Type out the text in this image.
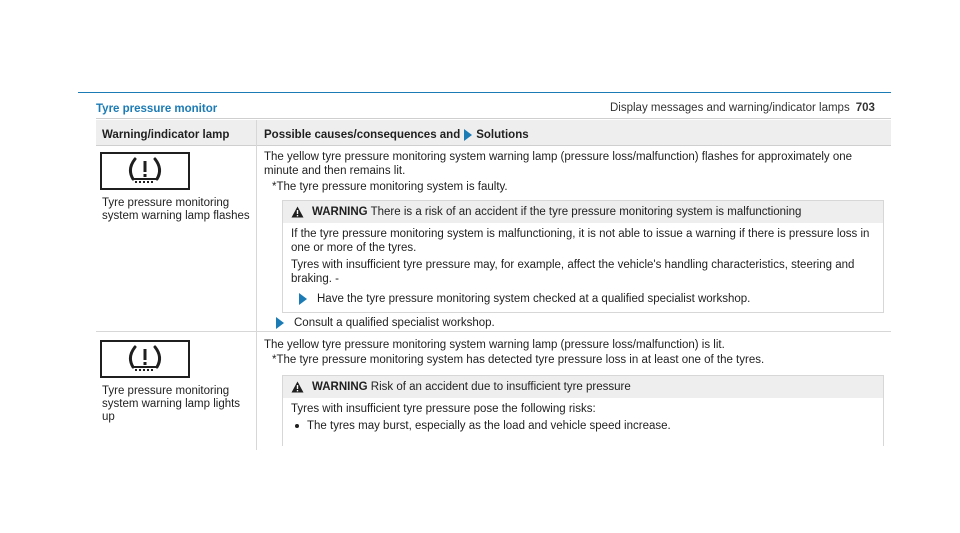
Display messages and warning/indicator lamps 703
Tyre pressure monitor
Warning/indicator lamp	Possible causes/consequences and Solutions
Tyre pressure monitoring system warning lamp flashes
The yellow tyre pressure monitoring system warning lamp (pressure loss/malfunction) flashes for approximately one minute and then remains lit.
*The tyre pressure monitoring system is faulty.
WARNING There is a risk of an accident if the tyre pressure monitoring system is malfunctioning

If the tyre pressure monitoring system is malfunctioning, it is not able to issue a warning if there is pressure loss in one or more of the tyres.

Tyres with insufficient tyre pressure may, for example, affect the vehicle's handling characteristics, steering and braking. -

Have the tyre pressure monitoring system checked at a qualified specialist workshop.
Consult a qualified specialist workshop.
Tyre pressure monitoring system warning lamp lights up
The yellow tyre pressure monitoring system warning lamp (pressure loss/malfunction) is lit.
*The tyre pressure monitoring system has detected tyre pressure loss in at least one of the tyres.
WARNING Risk of an accident due to insufficient tyre pressure

Tyres with insufficient tyre pressure pose the following risks:

The tyres may burst, especially as the load and vehicle speed increase.
